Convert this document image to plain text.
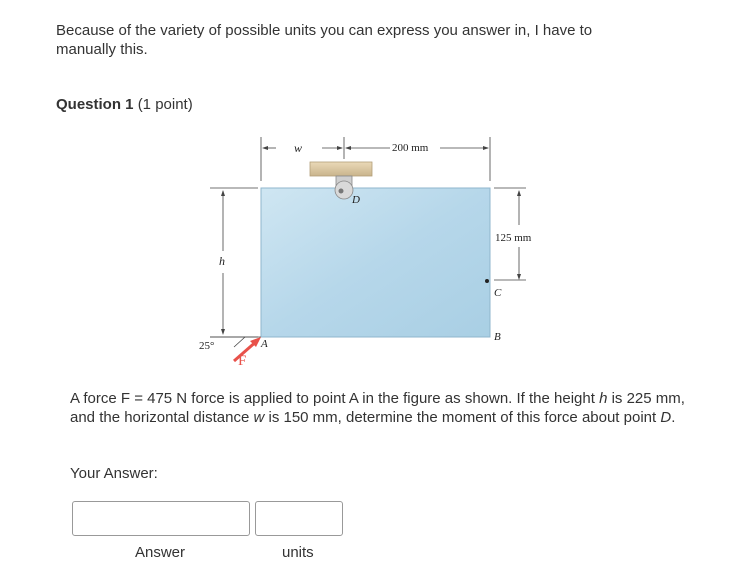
Because of the variety of possible units you can express you answer in, I have to manually this.
Question 1 (1 point)
D
w	200 mm
h
125 mm
C
B
25°	A
F
A force F = 475 N force is applied to point A in the figure as shown. If the height h is 225 mm, and the horizontal distance w is 150 mm, determine the moment of this force about point D.
Your Answer:
Answer	units
